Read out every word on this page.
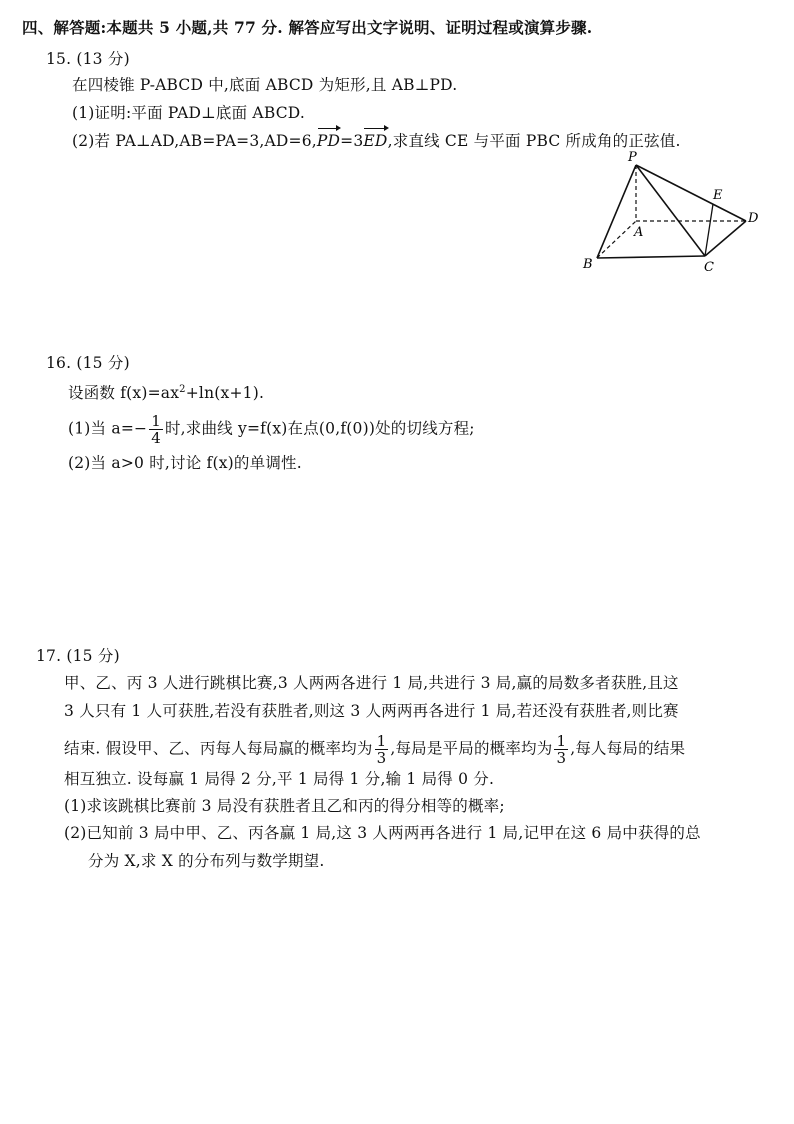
四、解答题:本题共 5 小题,共 77 分. 解答应写出文字说明、证明过程或演算步骤.
15. (13 分)
在四棱锥 P-ABCD 中,底面 ABCD 为矩形,且 AB⊥PD.
(1)证明:平面 PAD⊥底面 ABCD.
(2)若 PA⊥AD,AB=PA=3,AD=6,PD=3ED,求直线 CE 与平面 PBC 所成角的正弦值.
P
A
B	C
D
E
16. (15 分)
设函数 $f(x)=ax^2+\ln(x+1)$.
(1)当 $a=- \frac{1}{4}$ 时,求曲线 y=f(x)在点(0,f(0))处的切线方程;
(2)当 a>0 时,讨论 f(x)的单调性.
17. (15 分)
甲、乙、丙 3 人进行跳棋比赛,3 人两两各进行 1 局,共进行 3 局,赢的局数多者获胜,且这
3 人只有 1 人可获胜,若没有获胜者,则这 3 人两两再各进行 1 局,若还没有获胜者,则比赛
结束. 假设甲、乙、丙每人每局赢的概率均为 $\frac{1}{3}$ ,每局是平局的概率均为 $\frac{1}{3}$ ,每人每局的结果
相互独立. 设每赢 1 局得 2 分,平 1 局得 1 分,输 1 局得 0 分.
(1)求该跳棋比赛前 3 局没有获胜者且乙和丙的得分相等的概率;
(2)已知前 3 局中甲、乙、丙各赢 1 局,这 3 人两两再各进行 1 局,记甲在这 6 局中获得的总
分为 X,求 X 的分布列与数学期望.
